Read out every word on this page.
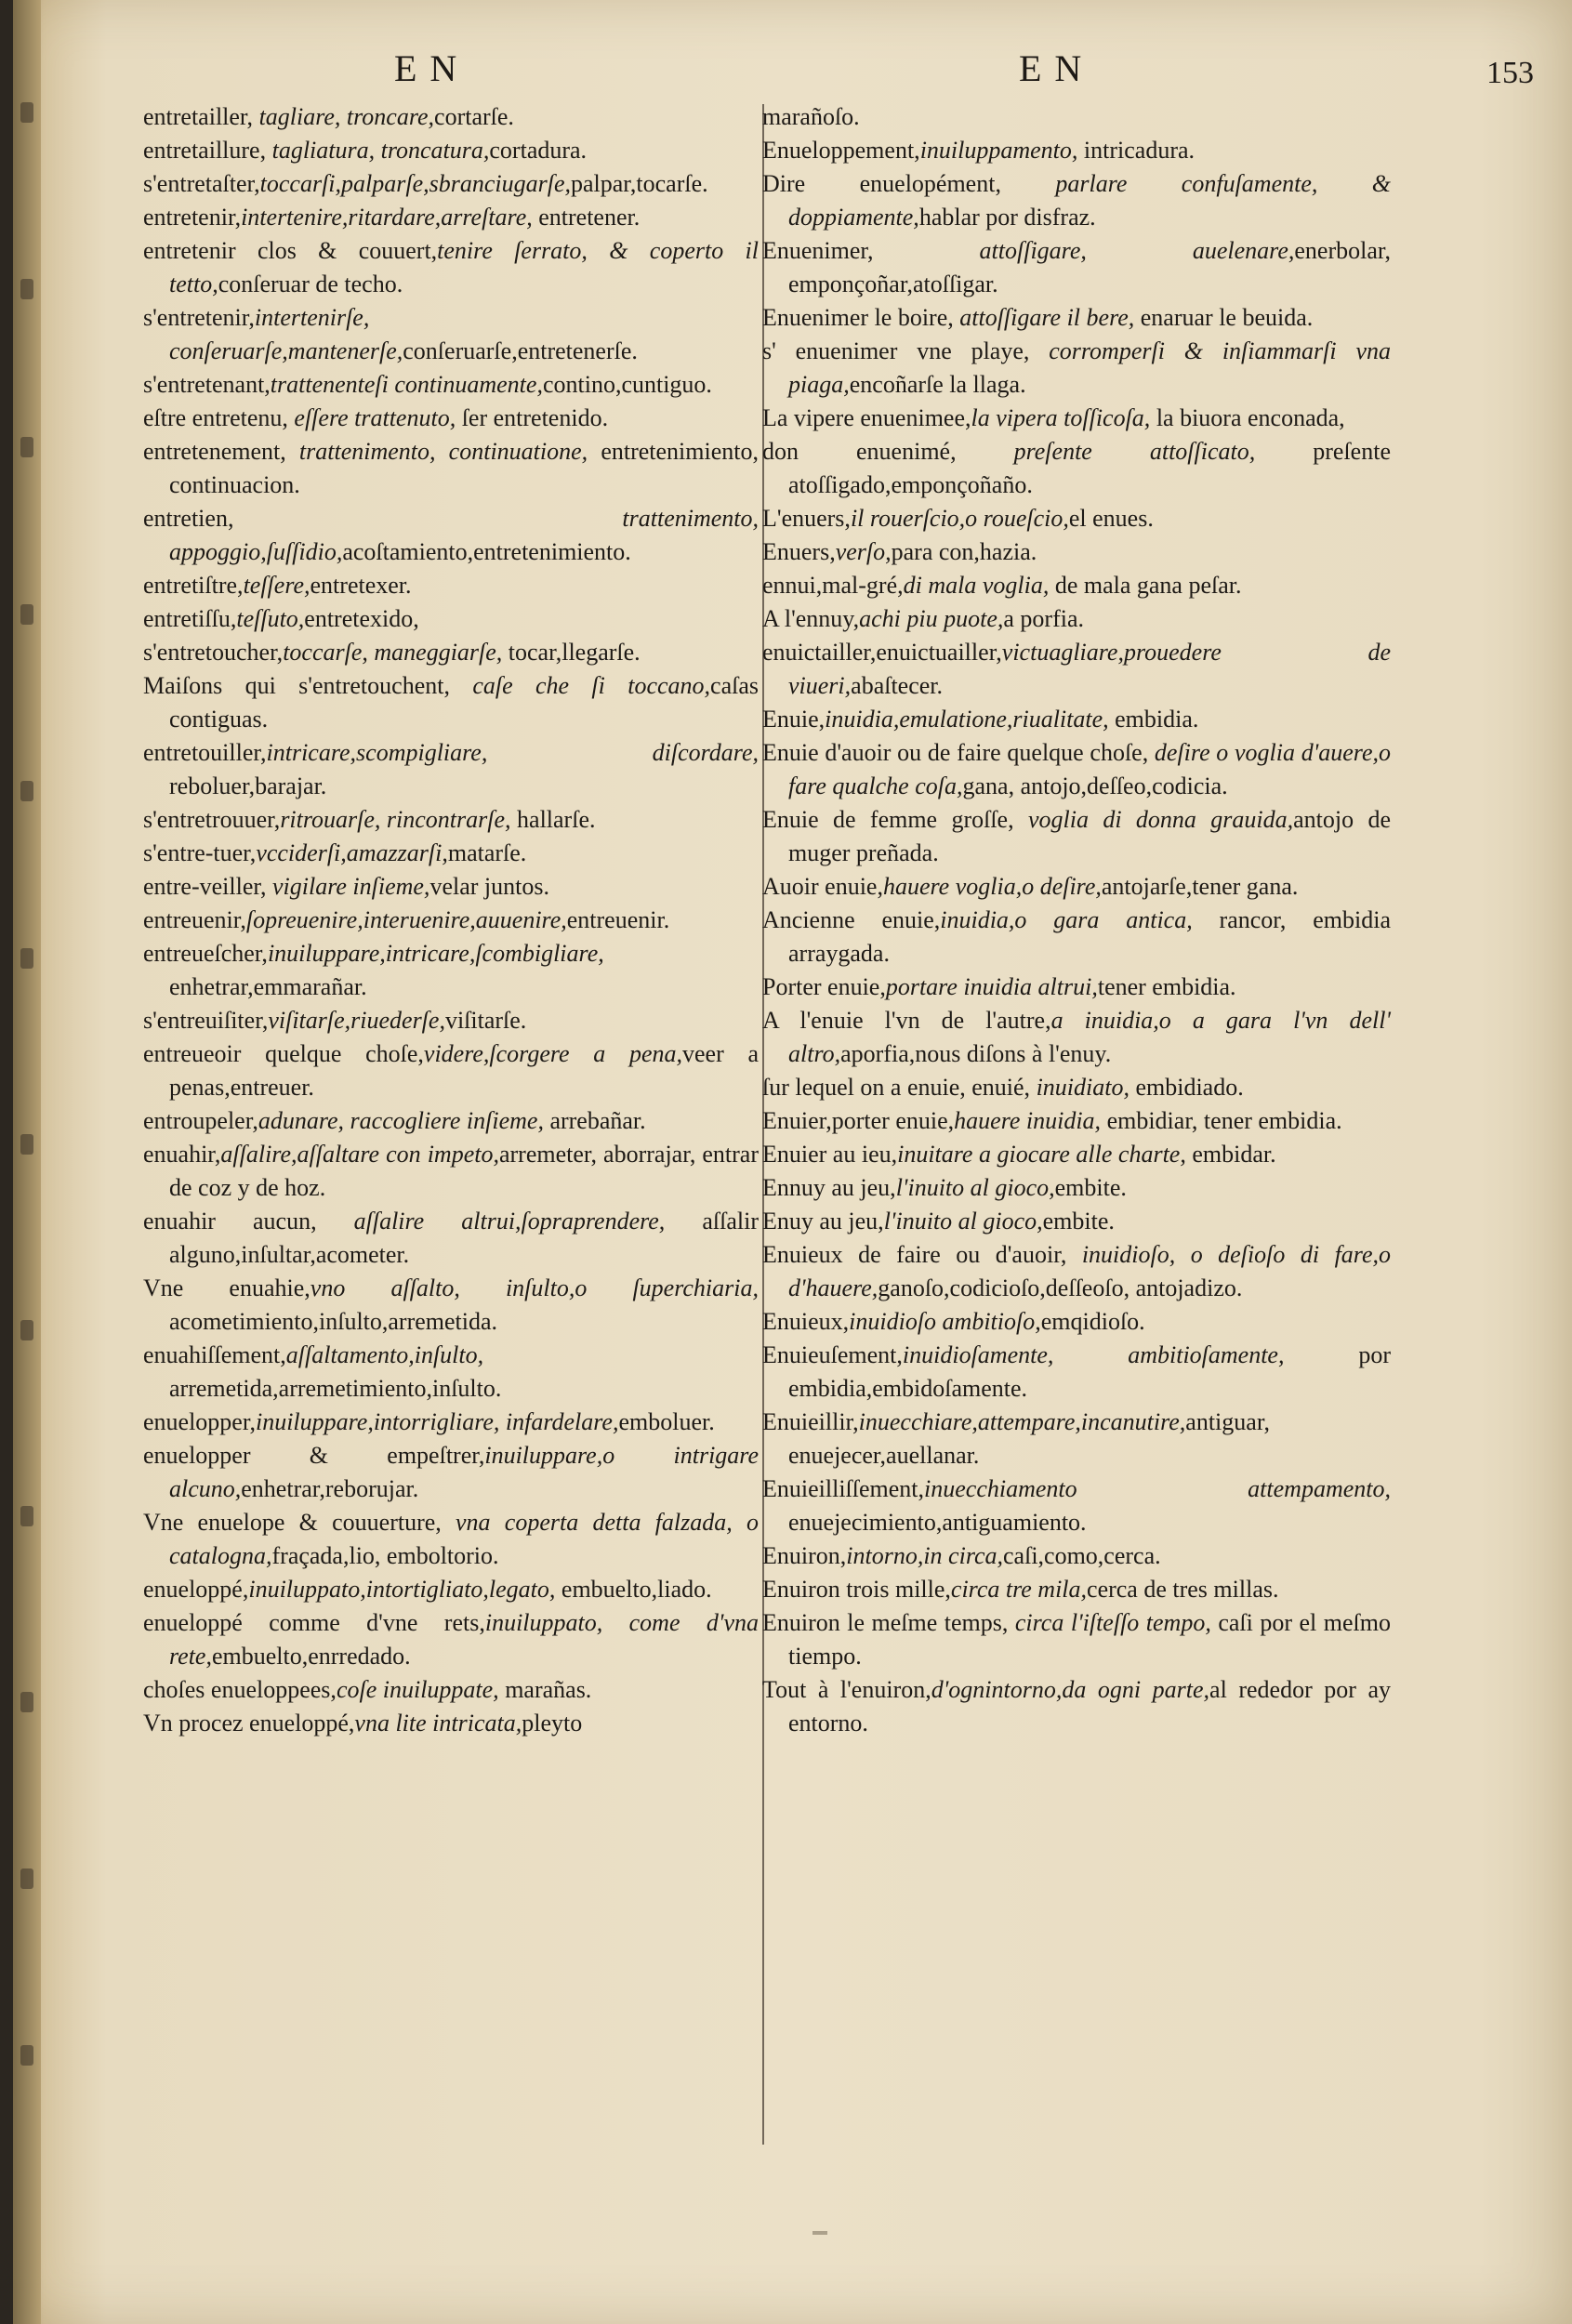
EN	EN	153
entretailler, tagliare, troncare,cortarſe.
entretaillure, tagliatura, troncatura,cortadura.
s'entretaſter,toccarſi,palparſe,sbranciugarſe,palpar,tocarſe.
entretenir,intertenire,ritardare,arreſtare, entretener.
entretenir clos & couuert,tenire ſerrato, & coperto il tetto,conſeruar de techo.
s'entretenir,intertenirſe, conſeruarſe,mantenerſe,conſeruarſe,entretenerſe.
s'entretenant,trattenenteſi continuamente,contino,cuntiguo.
eſtre entretenu, eſſere trattenuto, ſer entretenido.
entretenement, trattenimento, continuatione, entretenimiento, continuacion.
entretien, trattenimento, appoggio,ſuſſidio,acoſtamiento,entretenimiento.
entretiſtre,teſſere,entretexer.
entretiſſu,teſſuto,entretexido,
s'entretoucher,toccarſe, maneggiarſe, tocar,llegarſe.
Maiſons qui s'entretouchent, caſe che ſi toccano,caſas contiguas.
entretouiller,intricare,scompigliare, diſcordare, reboluer,barajar.
s'entretrouuer,ritrouarſe, rincontrarſe, hallarſe.
s'entre-tuer,vcciderſi,amazzarſi,matarſe.
entre-veiller, vigilare inſieme,velar juntos.
entreuenir,ſopreuenire,interuenire,auuenire,entreuenir.
entreueſcher,inuiluppare,intricare,ſcombigliare, enhetrar,emmarañar.
s'entreuiſiter,viſitarſe,riuederſe,viſitarſe.
entreueoir quelque choſe,videre,ſcorgere a pena,veer a penas,entreuer.
entroupeler,adunare, raccogliere inſieme, arrebañar.
enuahir,aſſalire,aſſaltare con impeto,arremeter, aborrajar, entrar de coz y de hoz.
enuahir aucun, aſſalire altrui,ſopraprendere, aſſalir alguno,inſultar,acometer.
Vne enuahie,vno aſſalto, inſulto,o ſuperchiaria, acometimiento,inſulto,arremetida.
enuahiſſement,aſſaltamento,inſulto, arremetida,arremetimiento,inſulto.
enuelopper,inuiluppare,intorrigliare, infardelare,emboluer.
enuelopper & empeſtrer,inuiluppare,o intrigare alcuno,enhetrar,reborujar.
Vne enuelope & couuerture, vna coperta detta falzada, o catalogna,fraçada,lio, emboltorio.
enueloppé,inuiluppato,intortigliato,legato, embuelto,liado.
enueloppé comme d'vne rets,inuiluppato, come d'vna rete,embuelto,enrredado.
choſes enueloppees,coſe inuiluppate, marañas.
Vn procez enueloppé,vna lite intricata,pleyto
marañoſo.
Enueloppement,inuiluppamento, intricadura.
Dire enuelopément, parlare confuſamente, & doppiamente,hablar por disfraz.
Enuenimer, attoſſigare, auelenare,enerbolar, emponçoñar,atoſſigar.
Enuenimer le boire, attoſſigare il bere, enaruar le beuida.
s' enuenimer vne playe, corromperſi & inſiammarſi vna piaga,encoñarſe la llaga.
La vipere enuenimee,la vipera toſſicoſa, la biuora enconada,
don enuenimé, preſente attoſſicato, preſente atoſſigado,emponçoñaño.
L'enuers,il rouerſcio,o roueſcio,el enues.
Enuers,verſo,para con,hazia.
ennui,mal-gré,di mala voglia, de mala gana peſar.
A l'ennuy,achi piu puote,a porfia.
enuictailler,enuictuailler,victuagliare,prouedere de viueri,abaſtecer.
Enuie,inuidia,emulatione,riualitate, embidia.
Enuie d'auoir ou de faire quelque choſe, deſire o voglia d'auere,o fare qualche coſa,gana, antojo,deſſeo,codicia.
Enuie de femme groſſe, voglia di donna grauida,antojo de muger preñada.
Auoir enuie,hauere voglia,o deſire,antojarſe,tener gana.
Ancienne enuie,inuidia,o gara antica, rancor, embidia arraygada.
Porter enuie,portare inuidia altrui,tener embidia.
A l'enuie l'vn de l'autre,a inuidia,o a gara l'vn dell' altro,aporfia,nous diſons à l'enuy.
ſur lequel on a enuie, enuié, inuidiato, embidiado.
Enuier,porter enuie,hauere inuidia, embidiar, tener embidia.
Enuier au ieu,inuitare a giocare alle charte, embidar.
Ennuy au jeu,l'inuito al gioco,embite.
Enuy au jeu,l'inuito al gioco,embite.
Enuieux de faire ou d'auoir, inuidioſo, o deſioſo di fare,o d'hauere,ganoſo,codicioſo,deſſeoſo, antojadizo.
Enuieux,inuidioſo ambitioſo,emqidioſo.
Enuieuſement,inuidioſamente, ambitioſamente, por embidia,embidoſamente.
Enuieillir,inuecchiare,attempare,incanutire,antiguar, enuejecer,auellanar.
Enuieilliſſement,inuecchiamento attempamento, enuejecimiento,antiguamiento.
Enuiron,intorno,in circa,caſi,como,cerca.
Enuiron trois mille,circa tre mila,cerca de tres millas.
Enuiron le meſme temps, circa l'iſteſſo tempo, caſi por el meſmo tiempo.
Tout à l'enuiron,d'ognintorno,da ogni parte,al rededor por ay entorno.
